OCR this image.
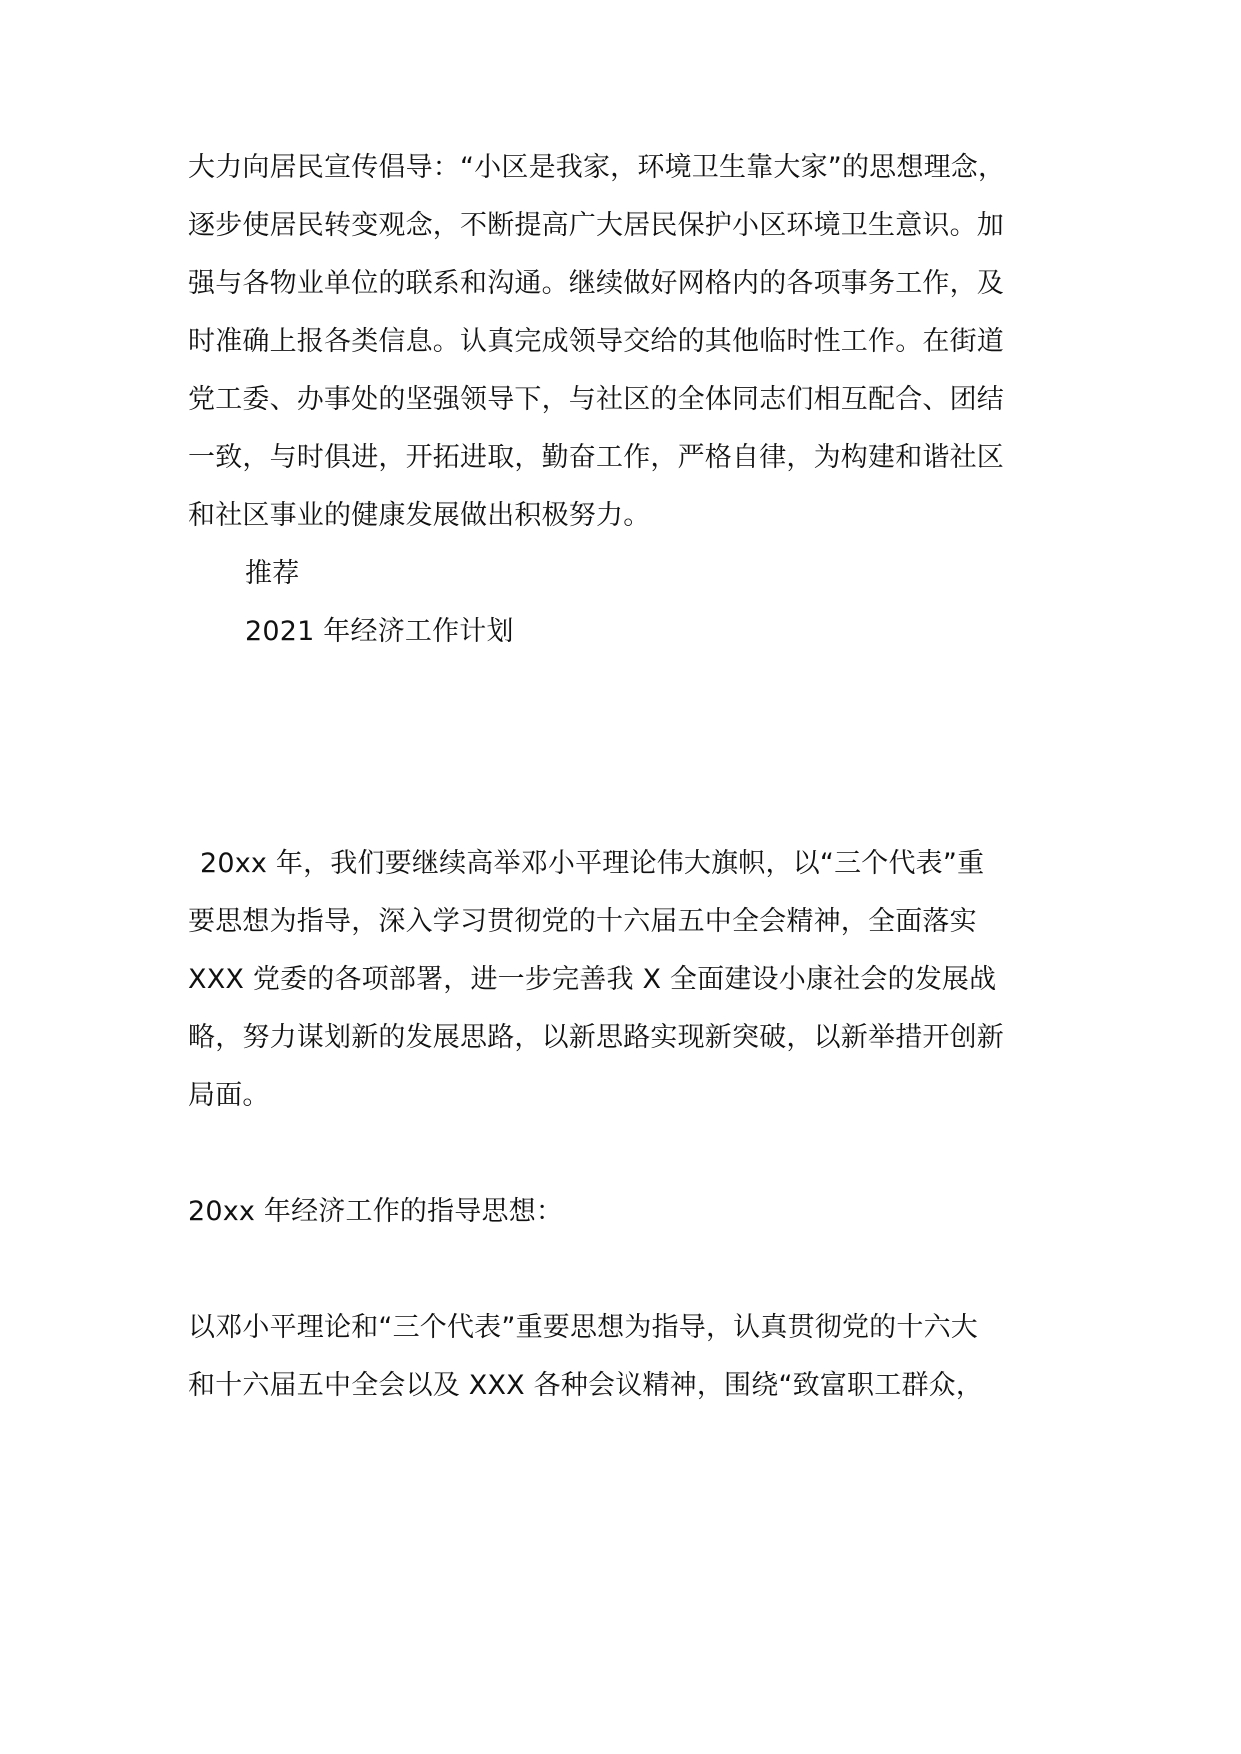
大力向居民宣传倡导：“小区是我家，环境卫生靠大家”的思想理念，

逐步使居民转变观念，不断提高广大居民保护小区环境卫生意识。加

强与各物业单位的联系和沟通。继续做好网格内的各项事务工作，及

时准确上报各类信息。认真完成领导交给的其他临时性工作。在街道

党工委、办事处的坚强领导下，与社区的全体同志们相互配合、团结

一致，与时俱进，开拓进取，勤奋工作，严格自律，为构建和谐社区

和社区事业的健康发展做出积极努力。

推荐

2021 年经济工作计划

20xx 年，我们要继续高举邓小平理论伟大旗帜，以“三个代表”重

要思想为指导，深入学习贯彻党的十六届五中全会精神，全面落实

XXX 党委的各项部署，进一步完善我 X 全面建设小康社会的发展战

略，努力谋划新的发展思路，以新思路实现新突破，以新举措开创新

局面。

20xx 年经济工作的指导思想：

以邓小平理论和“三个代表”重要思想为指导，认真贯彻党的十六大

和十六届五中全会以及 XXX 各种会议精神，围绕“致富职工群众，
